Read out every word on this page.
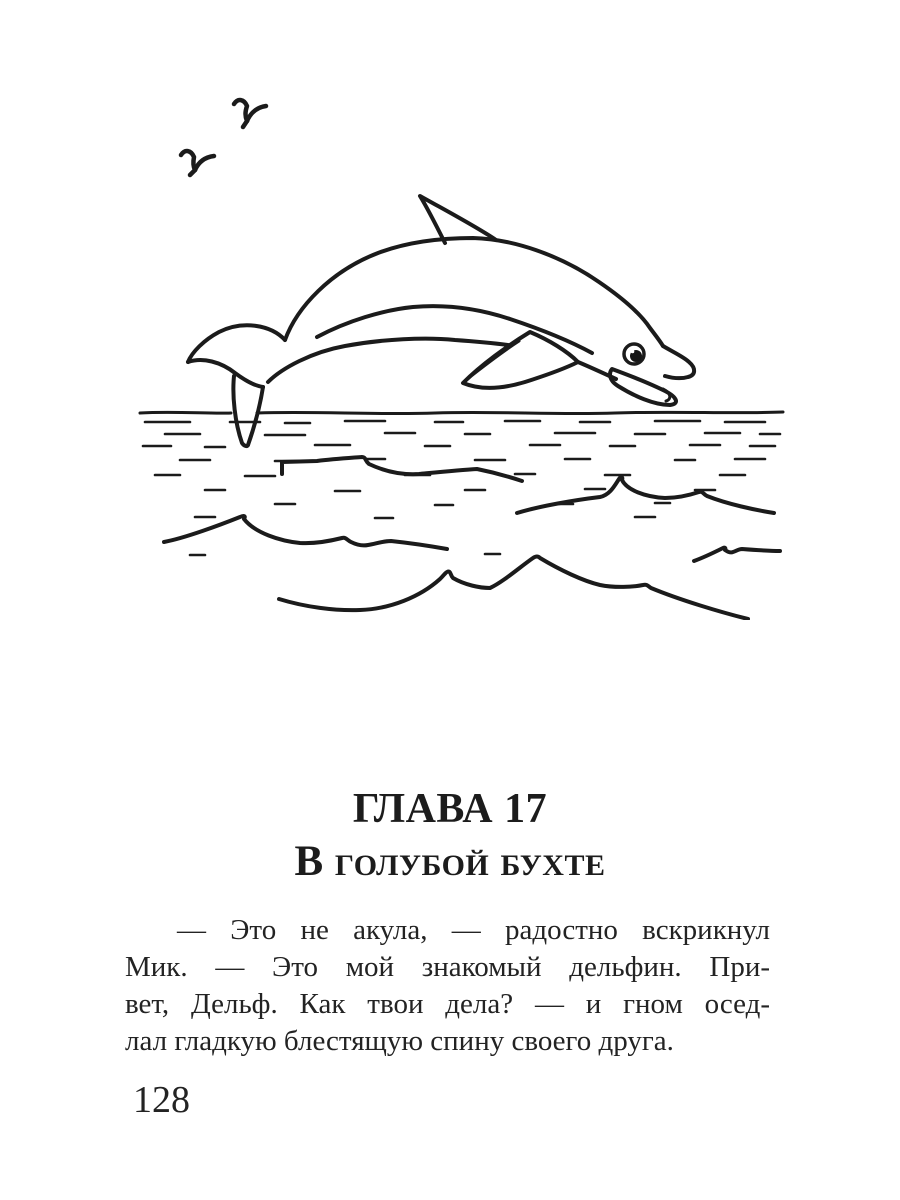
ГЛАВА 17
В голубой бухте
— Это не акула, — радостно вскрикнул
Мик. — Это мой знакомый дельфин. При-
вет, Дельф. Как твои дела? — и гном осед-
лал гладкую блестящую спину своего друга.
128
